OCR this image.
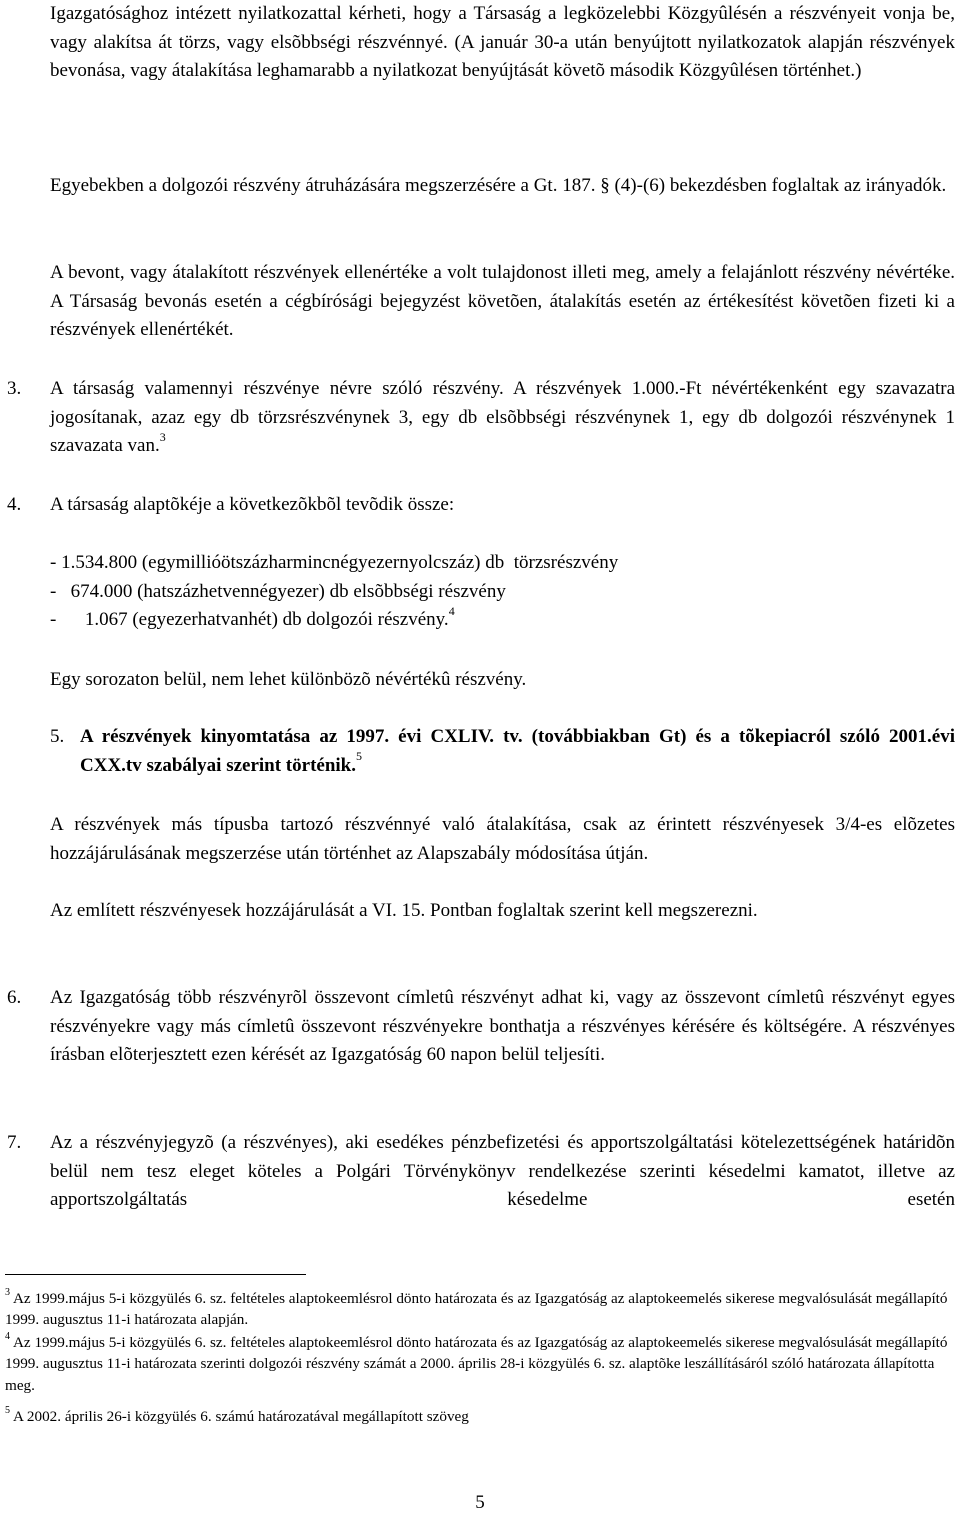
Igazgatósághoz intézett nyilatkozattal kérheti, hogy a Társaság a legközelebbi Közgyûlésén a részvényeit vonja be, vagy alakítsa át törzs, vagy elsõbbségi részvénnyé. (A január 30-a után benyújtott nyilatkozatok alapján részvények bevonása, vagy átalakítása leghamarabb a nyilatkozat benyújtását követõ második Közgyûlésen történhet.)

Egyebekben a dolgozói részvény átruházására megszerzésére a Gt. 187. § (4)-(6) bekezdésben foglaltak az irányadók.

A bevont, vagy átalakított részvények ellenértéke a volt tulajdonost illeti meg, amely a felajánlott részvény névértéke. A Társaság bevonás esetén a cégbírósági bejegyzést követõen, átalakítás esetén az értékesítést követõen fizeti ki a részvények ellenértékét.

3. A társaság valamennyi részvénye névre szóló részvény. A részvények 1.000.-Ft névértékenként egy szavazatra jogosítanak, azaz egy db törzsrészvénynek 3, egy db elsõbbségi részvénynek 1, egy db dolgozói részvénynek 1 szavazata van.$^3$

4. A társaság alaptõkéje a következõkbõl tevõdik össze:

- 1.534.800 (egymillióötszázharmincnégyezernyolcszáz) db  törzsrészvény
-   674.000 (hatszázhetvennégyezer) db elsõbbségi részvény
-      1.067 (egyezerhatvanhét) db dolgozói részvény.$^4$

Egy sorozaton belül, nem lehet különbözõ névértékû részvény.

5. A részvények kinyomtatása az 1997. évi CXLIV. tv. (továbbiakban Gt) és a tõkepiacról szóló 2001.évi CXX.tv szabályai szerint történik.$^5$

A részvények más típusba tartozó részvénnyé való átalakítása, csak az érintett részvényesek 3/4-es elõzetes hozzájárulásának megszerzése után történhet az Alapszabály módosítása útján.

Az említett részvényesek hozzájárulását a VI. 15. Pontban foglaltak szerint kell megszerezni.

6. Az Igazgatóság több részvényrõl összevont címletû részvényt adhat ki, vagy az összevont címletû részvényt egyes részvényekre vagy más címletû összevont részvényekre bonthatja a részvényes kérésére és költségére. A részvényes írásban elõterjesztett ezen kérését az Igazgatóság 60 napon belül teljesíti.

7. Az a részvényjegyzõ (a részvényes), aki esedékes pénzbefizetési és apportszolgáltatási kötelezettségének határidõn belül nem tesz eleget köteles a Polgári Törvénykönyv rendelkezése szerinti késedelmi kamatot, illetve az apportszolgáltatás késedelme esetén

$^3$ Az 1999.május 5-i közgyülés 6. sz. feltételes alaptokeemlésrol dönto határozata és az Igazgatóság az alaptokeemelés sikerese megvalósulását megállapító 1999. augusztus 11-i határozata alapján.
$^4$ Az 1999.május 5-i közgyülés 6. sz. feltételes alaptokeemlésrol dönto határozata és az Igazgatóság az alaptokeemelés sikerese megvalósulását megállapító 1999. augusztus 11-i határozata szerinti dolgozói részvény számát a 2000. április 28-i közgyülés 6. sz. alaptõke leszállításáról szóló határozata állapította meg.
$^5$ A 2002. április 26-i közgyülés 6. számú határozatával megállapított szöveg
5
